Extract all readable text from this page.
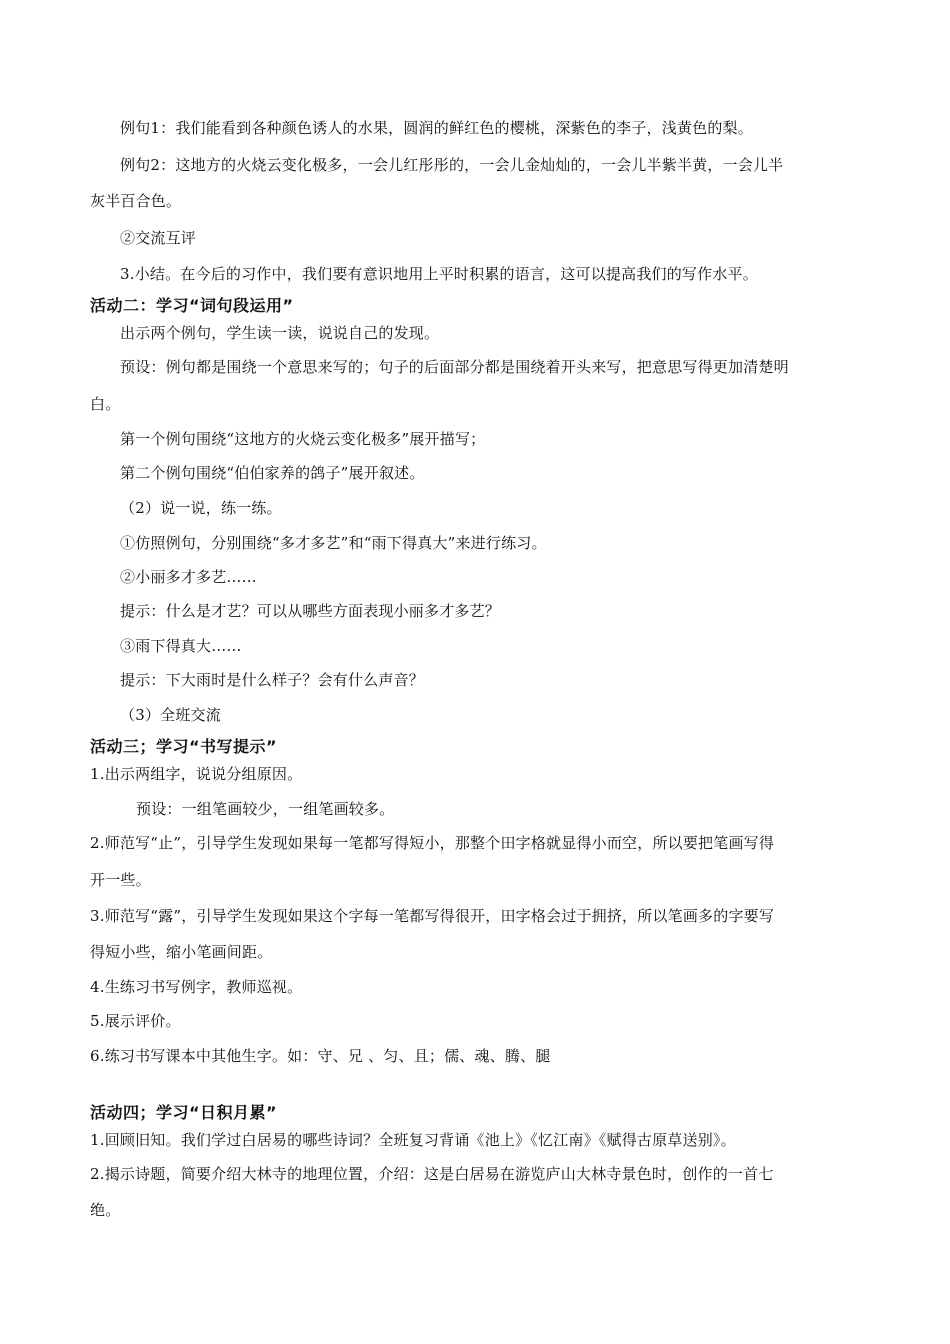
例句1：我们能看到各种颜色诱人的水果，圆润的鲜红色的樱桃，深紫色的李子，浅黄色的梨。
例句2：这地方的火烧云变化极多，一会儿红彤彤的，一会儿金灿灿的，一会儿半紫半黄，一会儿半
灰半百合色。
②交流互评
3.小结。在今后的习作中，我们要有意识地用上平时积累的语言，这可以提高我们的写作水平。
活动二：学习“词句段运用”
出示两个例句，学生读一读，说说自己的发现。
预设：例句都是围绕一个意思来写的；句子的后面部分都是围绕着开头来写，把意思写得更加清楚明
白。
第一个例句围绕“这地方的火烧云变化极多”展开描写；
第二个例句围绕“伯伯家养的鸽子”展开叙述。
（2）说一说，练一练。
①仿照例句，分别围绕“多才多艺”和“雨下得真大”来进行练习。
②小丽多才多艺……
提示：什么是才艺？可以从哪些方面表现小丽多才多艺？
③雨下得真大……
提示：下大雨时是什么样子？会有什么声音？
（3）全班交流
活动三；学习“书写提示”
1.出示两组字，说说分组原因。
预设：一组笔画较少，一组笔画较多。
2.师范写“止”，引导学生发现如果每一笔都写得短小，那整个田字格就显得小而空，所以要把笔画写得
开一些。
3.师范写“露”，引导学生发现如果这个字每一笔都写得很开，田字格会过于拥挤，所以笔画多的字要写
得短小些，缩小笔画间距。
4.生练习书写例字，教师巡视。
5.展示评价。
6.练习书写课本中其他生字。如：守、兄 、匀、且；儒、魂、腾、腿
活动四；学习“日积月累”
1.回顾旧知。我们学过白居易的哪些诗词？全班复习背诵《池上》《忆江南》《赋得古原草送别》。
2.揭示诗题，简要介绍大林寺的地理位置，介绍：这是白居易在游览庐山大林寺景色时，创作的一首七
绝。
